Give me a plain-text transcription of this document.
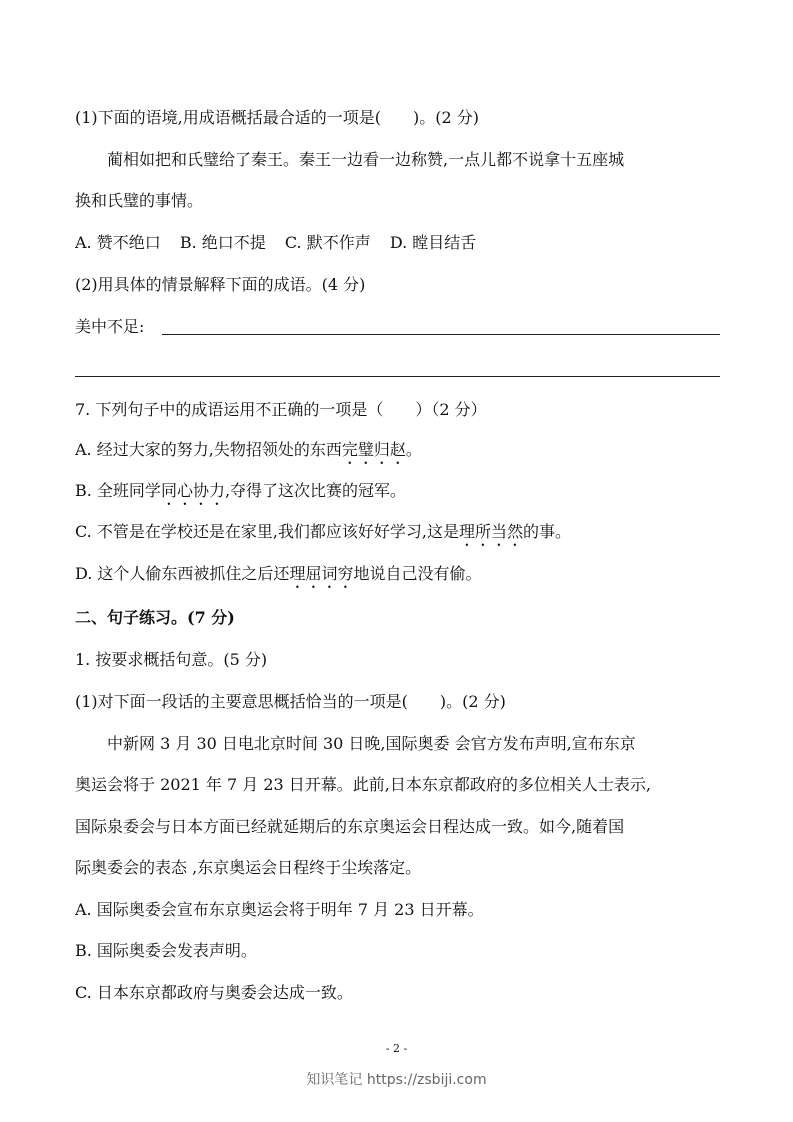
(1)下面的语境,用成语概括最合适的一项是(　　)。(2 分)
蔺相如把和氏璧给了秦王。秦王一边看一边称赞,一点儿都不说拿十五座城
换和氏璧的事情。
A. 赞不绝口 B. 绝口不提 C. 默不作声 D. 瞠目结舌
(2)用具体的情景解释下面的成语。(4 分)
美中不足:
7. 下列句子中的成语运用不正确的一项是（　　）（2 分）
A. 经过大家的努力,失物招领处的东西完璧归赵。
B. 全班同学同心协力,夺得了这次比赛的冠军。
C. 不管是在学校还是在家里,我们都应该好好学习,这是理所当然的事。
D. 这个人偷东西被抓住之后还理屈词穷地说自己没有偷。
二、句子练习。(7 分)
1. 按要求概括句意。(5 分)
(1)对下面一段话的主要意思概括恰当的一项是(　　)。(2 分)
中新网 3 月 30 日电北京时间 30 日晚,国际奥委 会官方发布声明,宣布东京
奥运会将于 2021 年 7 月 23 日开幕。此前,日本东京都政府的多位相关人士表示,
国际泉委会与日本方面已经就延期后的东京奥运会日程达成一致。如今,随着国
际奥委会的表态 ,东京奥运会日程终于尘埃落定。
A. 国际奥委会宣布东京奥运会将于明年 7 月 23 日开幕。
B. 国际奥委会发表声明。
C. 日本东京都政府与奥委会达成一致。
- 2 -
知识笔记 https://zsbiji.com
